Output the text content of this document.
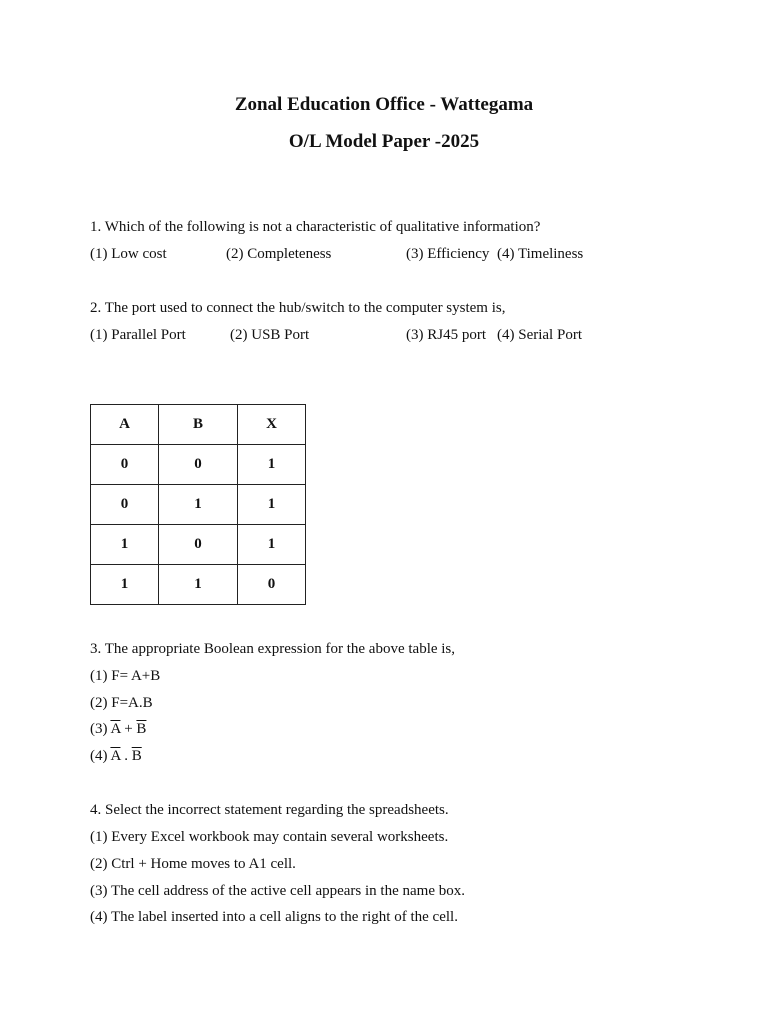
Zonal Education Office - Wattegama
O/L Model Paper -2025
1. Which of the following is not a characteristic of qualitative information?
(1) Low cost	(2) Completeness	(3) Efficiency (4) Timeliness
2. The port used to connect the hub/switch to the computer system is,
(1) Parallel Port	(2) USB Port	(3) RJ45 port (4) Serial Port
A	B	X
0	0	1
0	1	1
1	0	1
1	1	0
3. The appropriate Boolean expression for the above table is,
(1) F= A+B
(2) F=A.B
(3) $\overline{A} + \overline{B}$
(4) $\overline{A}$ . $\overline{B}$
4. Select the incorrect statement regarding the spreadsheets.
(1) Every Excel workbook may contain several worksheets.
(2) Ctrl + Home moves to A1 cell.
(3) The cell address of the active cell appears in the name box.
(4) The label inserted into a cell aligns to the right of the cell.
